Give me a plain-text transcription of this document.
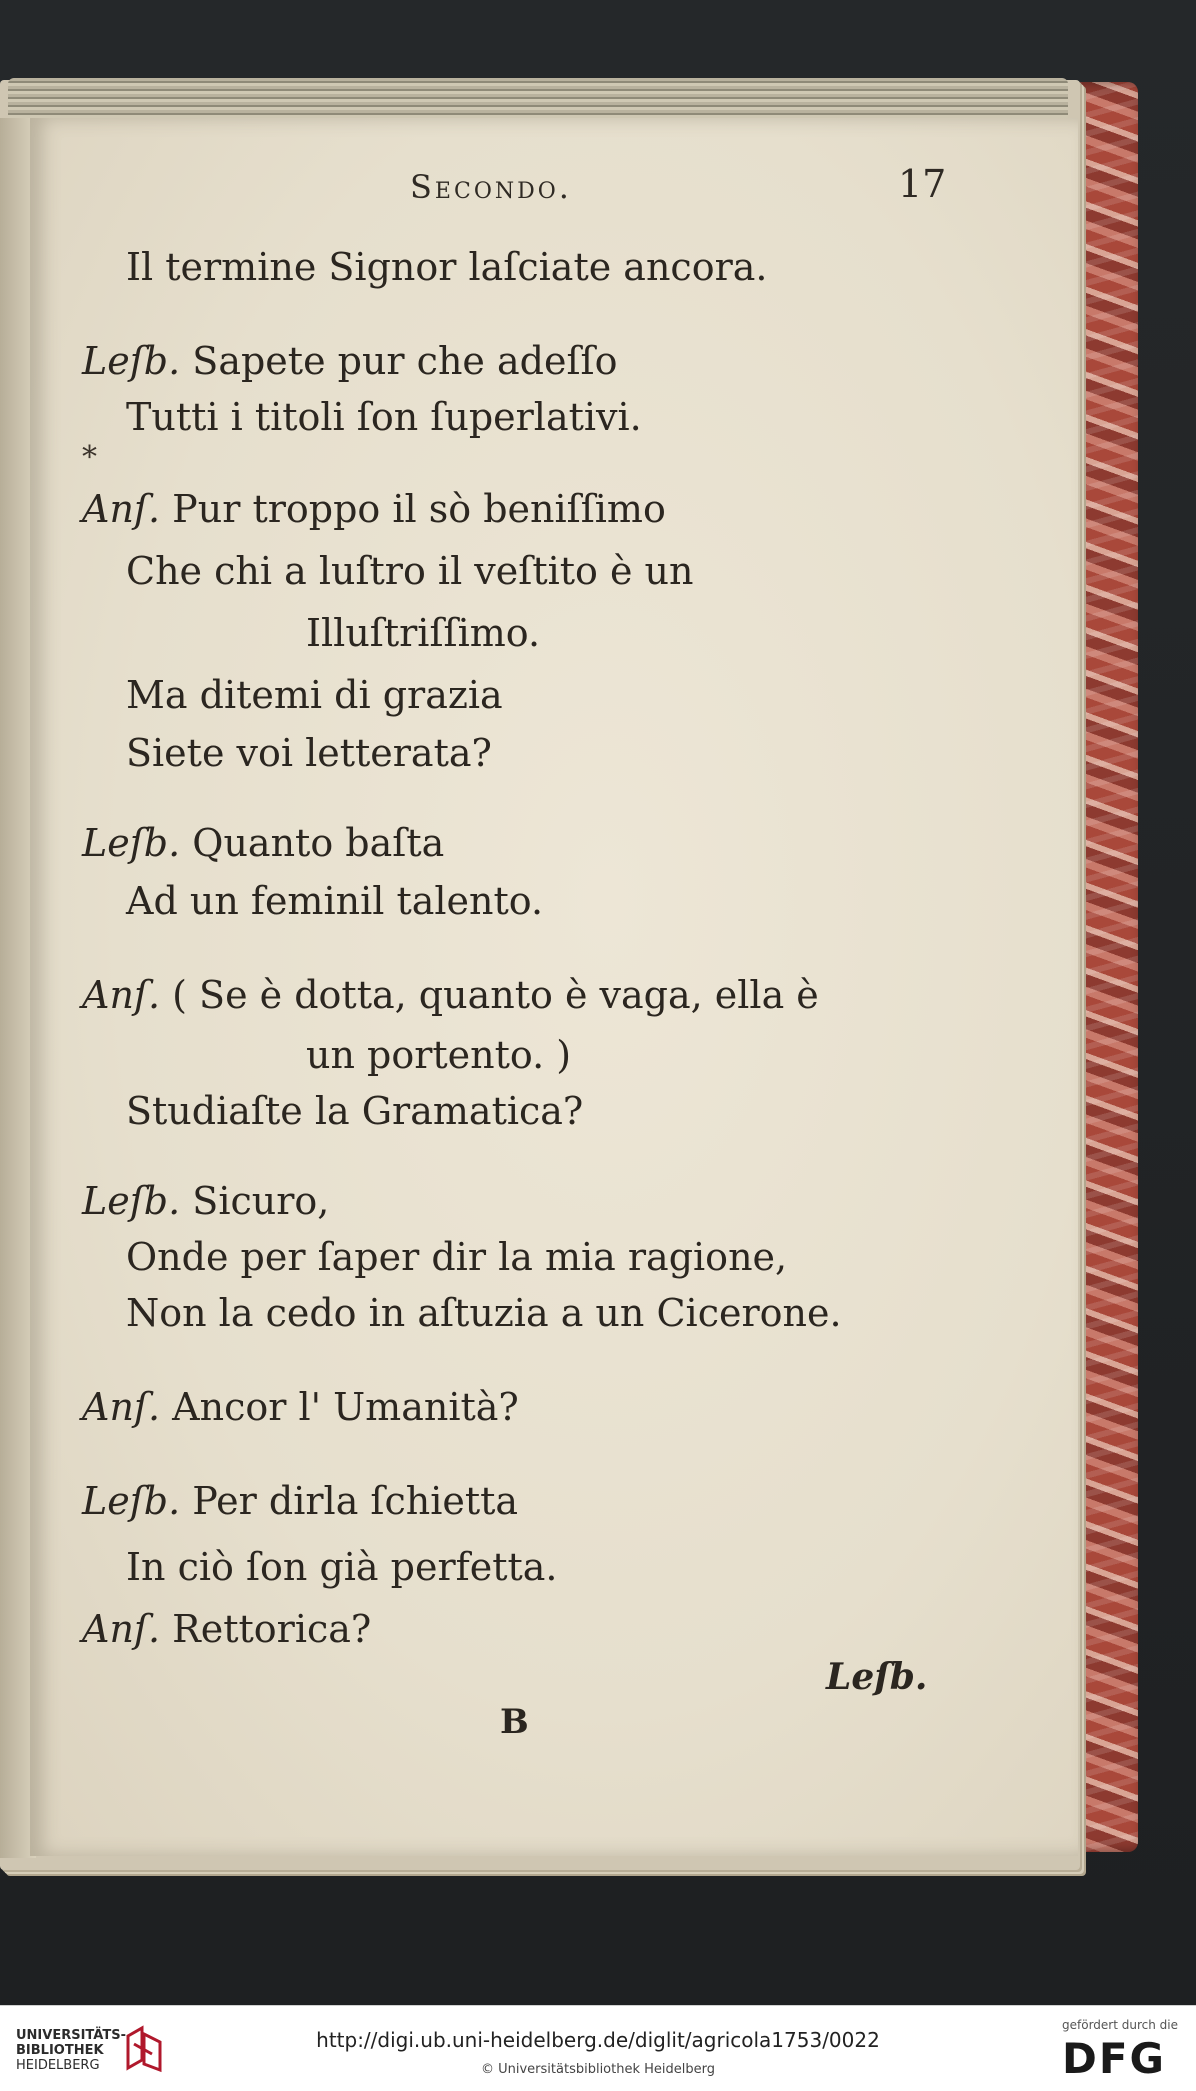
Secondo.	17
Il termine Signor laſciate ancora.
Leſb. Sapete pur che adeſſo
Tutti i titoli ſon ſuperlativi.
*
Anſ. Pur troppo il sò beniſſimo
Che chi a luſtro il veſtito è un
Illuſtriſſimo.
Ma ditemi di grazia
Siete voi letterata?
Leſb. Quanto baſta
Ad un feminil talento.
Anſ. ( Se è dotta, quanto è vaga, ella è
un portento. )
Studiaſte la Gramatica?
Leſb. Sicuro,
Onde per ſaper dir la mia ragione,
Non la cedo in aſtuzia a un Cicerone.
Anſ. Ancor l' Umanità?
Leſb. Per dirla ſchietta
In ciò ſon già perfetta.
Anſ. Rettorica?
Leſb.
B
UNIVERSITÄTS-
BIBLIOTHEK
HEIDELBERG
http://digi.ub.uni-heidelberg.de/diglit/agricola1753/0022
© Universitätsbibliothek Heidelberg
gefördert durch die
DFG
